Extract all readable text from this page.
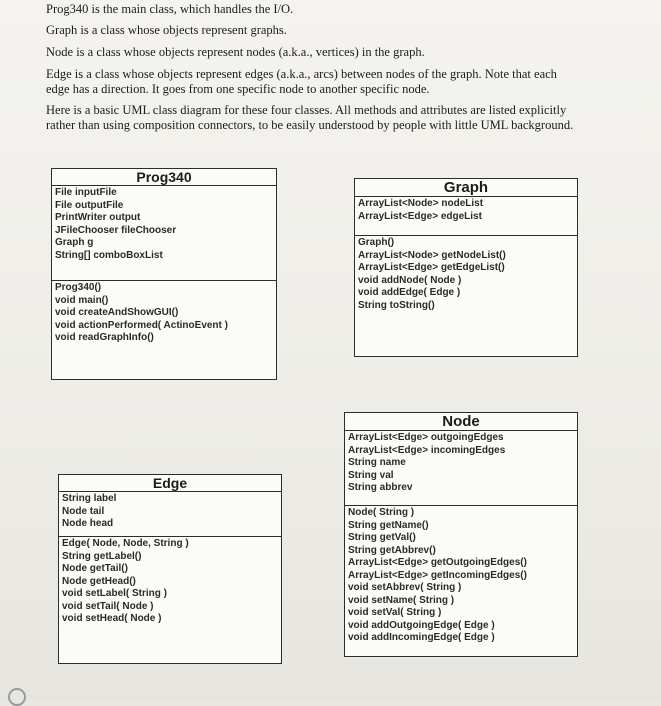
Prog340 is the main class, which handles the I/O.
Graph is a class whose objects represent graphs.
Node is a class whose objects represent nodes (a.k.a., vertices) in the graph.
Edge is a class whose objects represent edges (a.k.a., arcs) between nodes of the graph. Note that each
edge has a direction. It goes from one specific node to another specific node.
Here is a basic UML class diagram for these four classes. All methods and attributes are listed explicitly
rather than using composition connectors, to be easily understood by people with little UML background.
Prog340
File inputFile
File outputFile
PrintWriter output
JFileChooser fileChooser
Graph g
String[] comboBoxList
Prog340()
void main()
void createAndShowGUI()
void actionPerformed( ActinoEvent )
void readGraphInfo()
Graph
ArrayList<Node> nodeList
ArrayList<Edge> edgeList
Graph()
ArrayList<Node> getNodeList()
ArrayList<Edge> getEdgeList()
void addNode( Node )
void addEdge( Edge )
String toString()
Node
ArrayList<Edge> outgoingEdges
ArrayList<Edge> incomingEdges
String name
String val
String abbrev
Node( String )
String getName()
String getVal()
String getAbbrev()
ArrayList<Edge> getOutgoingEdges()
ArrayList<Edge> getIncomingEdges()
void setAbbrev( String )
void setName( String )
void setVal( String )
void addOutgoingEdge( Edge )
void addIncomingEdge( Edge )
Edge
String label
Node tail
Node head
Edge( Node, Node, String )
String getLabel()
Node getTail()
Node getHead()
void setLabel( String )
void setTail( Node )
void setHead( Node )
